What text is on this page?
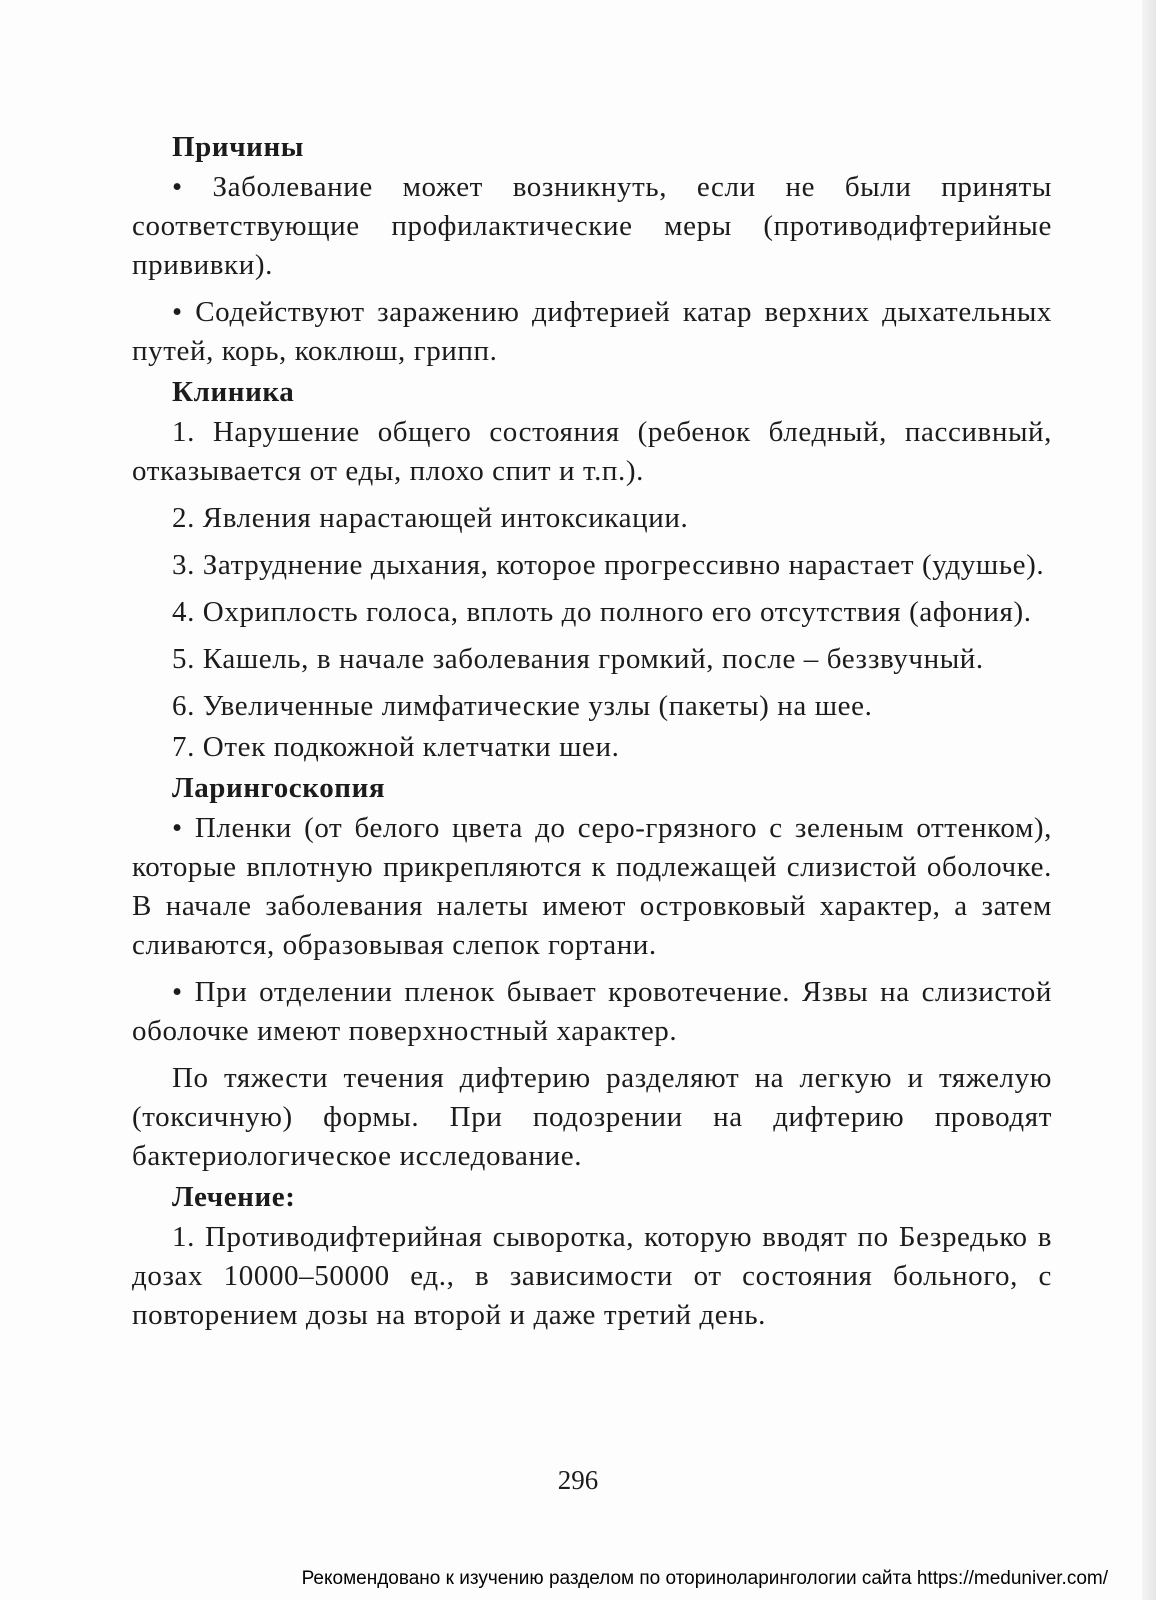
Причины

• Заболевание может возникнуть, если не были приняты соответствующие профилактические меры (противодифтерийные прививки).

• Содействуют заражению дифтерией катар верхних дыхательных путей, корь, коклюш, грипп.

Клиника

1. Нарушение общего состояния (ребенок бледный, пассивный, отказывается от еды, плохо спит и т.п.).

2. Явления нарастающей интоксикации.

3. Затруднение дыхания, которое прогрессивно нарастает (удушье).

4. Охриплость голоса, вплоть до полного его отсутствия (афония).

5. Кашель, в начале заболевания громкий, после – беззвучный.

6. Увеличенные лимфатические узлы (пакеты) на шее.

7. Отек подкожной клетчатки шеи.

Ларингоскопия

• Пленки (от белого цвета до серо-грязного с зеленым оттенком), которые вплотную прикрепляются к подлежащей слизистой оболочке. В начале заболевания налеты имеют островковый характер, а затем сливаются, образовывая слепок гортани.

• При отделении пленок бывает кровотечение. Язвы на слизистой оболочке имеют поверхностный характер.

По тяжести течения дифтерию разделяют на легкую и тяжелую (токсичную) формы. При подозрении на дифтерию проводят бактериологическое исследование.

Лечение:

1. Противодифтерийная сыворотка, которую вводят по Безредько в дозах 10000–50000 ед., в зависимости от состояния больного, с повторением дозы на второй и даже третий день.

296
Рекомендовано к изучению разделом по оториноларингологии сайта https://meduniver.com/
